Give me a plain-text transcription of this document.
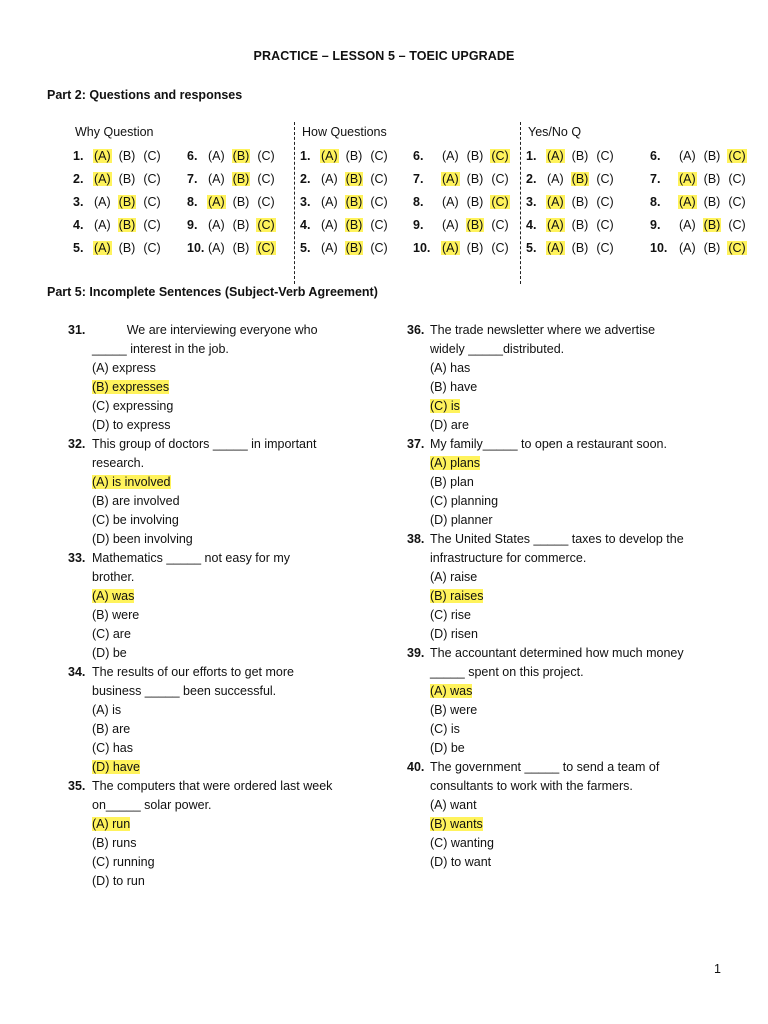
PRACTICE – LESSON 5 – TOEIC UPGRADE
Part 2: Questions and responses
Why Question	How Questions	Yes/No Q
1. (A) (B) (C)
2. (A) (B) (C)
3. (A) (B) (C)
4. (A) (B) (C)
5. (A) (B) (C)
6. (A) (B) (C)
7. (A) (B) (C)
8. (A) (B) (C)
9. (A) (B) (C)
10. (A) (B) (C)
1. (A) (B) (C)
2. (A) (B) (C)
3. (A) (B) (C)
4. (A) (B) (C)
5. (A) (B) (C)
6.	(A) (B) (C)
7.	(A) (B) (C)
8.	(A) (B) (C)
9.	(A) (B) (C)
10. (A) (B) (C)
1. (A) (B) (C)
2. (A) (B) (C)
3. (A) (B) (C)
4. (A) (B) (C)
5. (A) (B) (C)
6.	(A) (B) (C)
7.	(A) (B) (C)
8.	(A) (B) (C)
9.	(A) (B) (C)
10. (A) (B) (C)
Part 5: Incomplete Sentences (Subject-Verb Agreement)
31. We are interviewing everyone who
_____ interest in the job.
(A) express
(B) expresses
(C) expressing
(D) to express
32. This group of doctors _____ in important
research.
(A) is involved
(B) are involved
(C) be involving
(D) been involving
33. Mathematics _____ not easy for my
brother.
(A) was
(B) were
(C) are
(D) be
34. The results of our efforts to get more
business _____ been successful.
(A) is
(B) are
(C) has
(D) have
35. The computers that were ordered last week
on_____ solar power.
(A) run
(B) runs
(C) running
(D) to run
36. The trade newsletter where we advertise
widely _____distributed.
(A) has
(B) have
(C) is
(D) are
37. My family_____ to open a restaurant soon.
(A) plans
(B) plan
(C) planning
(D) planner
38. The United States _____ taxes to develop the
infrastructure for commerce.
(A) raise
(B) raises
(C) rise
(D) risen
39. The accountant determined how much money
_____ spent on this project.
(A) was
(B) were
(C) is
(D) be
40. The government _____ to send a team of
consultants to work with the farmers.
(A) want
(B) wants
(C) wanting
(D) to want
1
